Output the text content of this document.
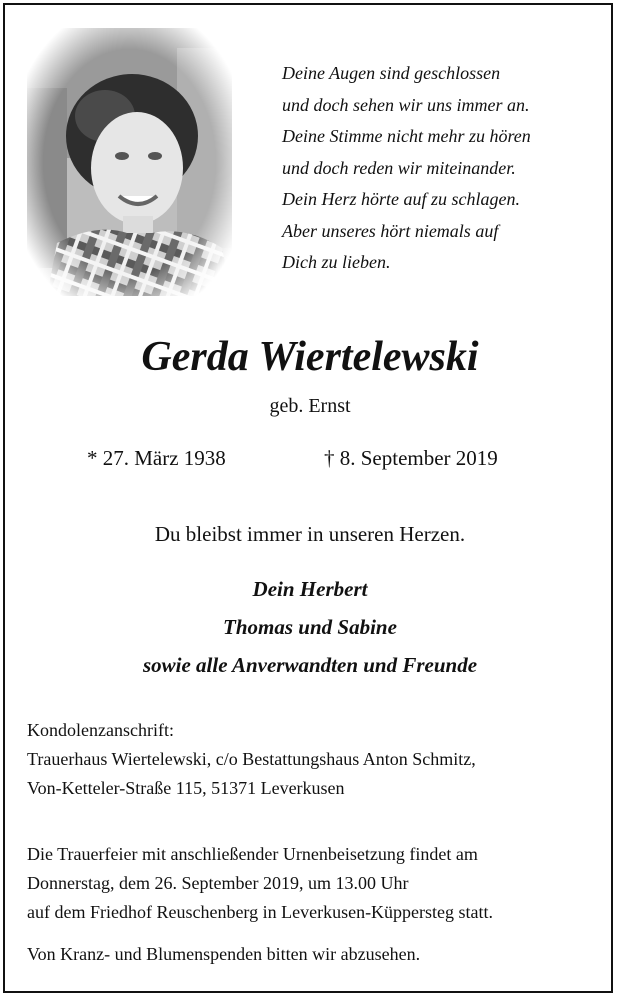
Deine Augen sind geschlossen
und doch sehen wir uns immer an.
Deine Stimme nicht mehr zu hören
und doch reden wir miteinander.
Dein Herz hörte auf zu schlagen.
Aber unseres hört niemals auf
Dich zu lieben.
Gerda Wiertelewski
geb. Ernst
* 27. März 1938	† 8. September 2019
Du bleibst immer in unseren Herzen.
Dein Herbert
Thomas und Sabine
sowie alle Anverwandten und Freunde
Kondolenzanschrift:
Trauerhaus Wiertelewski, c/o Bestattungshaus Anton Schmitz,
Von-Ketteler-Straße 115, 51371 Leverkusen
Die Trauerfeier mit anschließender Urnenbeisetzung findet am
Donnerstag, dem 26. September 2019, um 13.00 Uhr
auf dem Friedhof Reuschenberg in Leverkusen-Küppersteg statt.
Von Kranz- und Blumenspenden bitten wir abzusehen.
